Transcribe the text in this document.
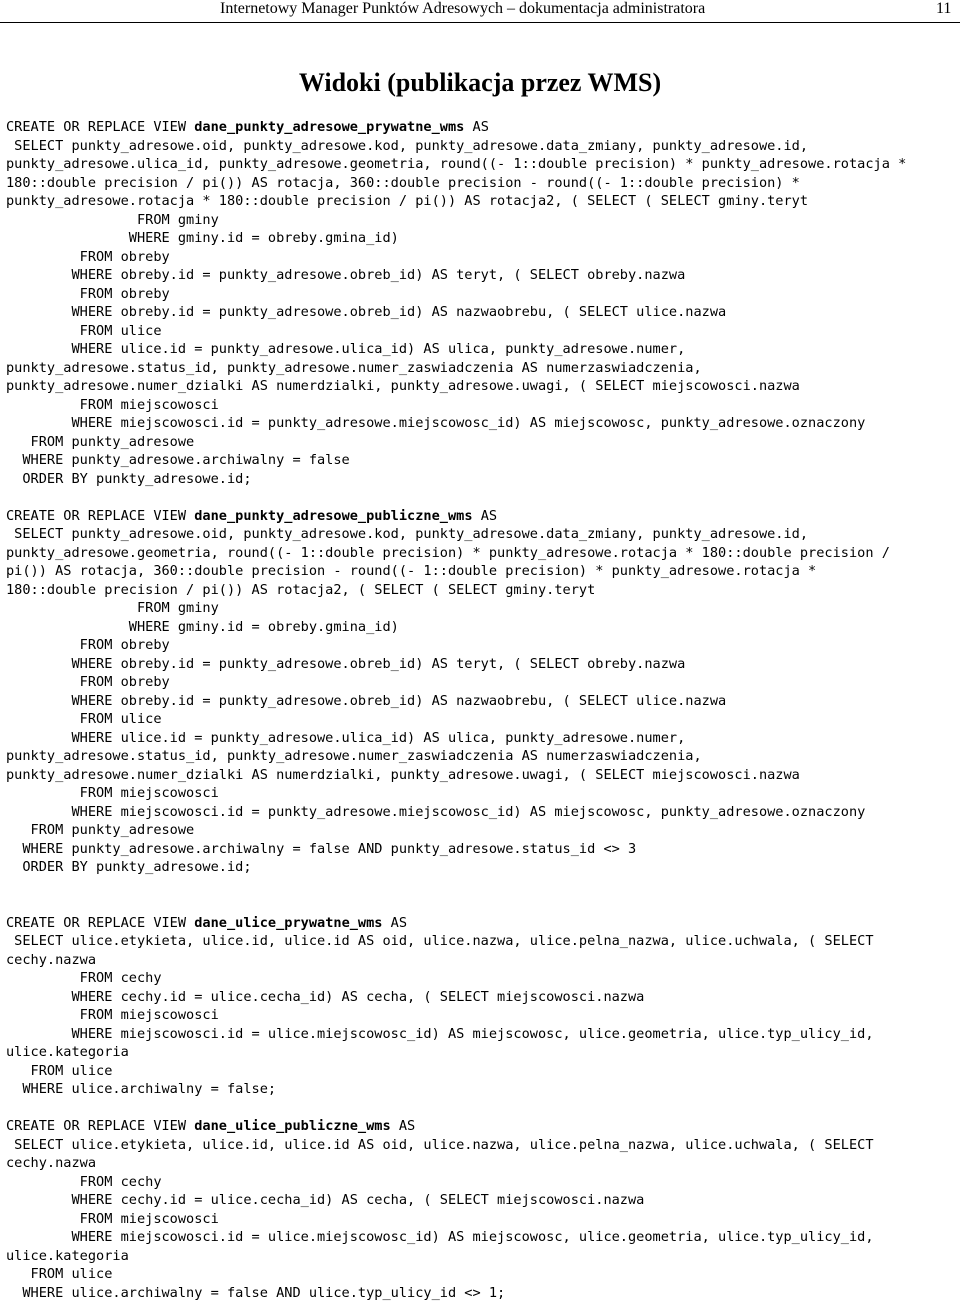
Internetowy Manager Punktów Adresowych – dokumentacja administratora	11
Widoki (publikacja przez WMS)
CREATE OR REPLACE VIEW dane_punkty_adresowe_prywatne_wms AS
SELECT punkty_adresowe.oid, punkty_adresowe.kod, punkty_adresowe.data_zmiany, punkty_adresowe.id,
punkty_adresowe.ulica_id, punkty_adresowe.geometria, round((- 1::double precision) * punkty_adresowe.rotacja *
180::double precision / pi()) AS rotacja, 360::double precision - round((- 1::double precision) *
punkty_adresowe.rotacja * 180::double precision / pi()) AS rotacja2, ( SELECT ( SELECT gminy.teryt
FROM gminy
WHERE gminy.id = obreby.gmina_id)
FROM obreby
WHERE obreby.id = punkty_adresowe.obreb_id) AS teryt, ( SELECT obreby.nazwa
FROM obreby
WHERE obreby.id = punkty_adresowe.obreb_id) AS nazwaobrebu, ( SELECT ulice.nazwa
FROM ulice
WHERE ulice.id = punkty_adresowe.ulica_id) AS ulica, punkty_adresowe.numer,
punkty_adresowe.status_id, punkty_adresowe.numer_zaswiadczenia AS numerzaswiadczenia,
punkty_adresowe.numer_dzialki AS numerdzialki, punkty_adresowe.uwagi, ( SELECT miejscowosci.nazwa
FROM miejscowosci
WHERE miejscowosci.id = punkty_adresowe.miejscowosc_id) AS miejscowosc, punkty_adresowe.oznaczony
FROM punkty_adresowe
WHERE punkty_adresowe.archiwalny = false
ORDER BY punkty_adresowe.id;
CREATE OR REPLACE VIEW dane_punkty_adresowe_publiczne_wms AS
SELECT punkty_adresowe.oid, punkty_adresowe.kod, punkty_adresowe.data_zmiany, punkty_adresowe.id,
punkty_adresowe.geometria, round((- 1::double precision) * punkty_adresowe.rotacja * 180::double precision /
pi()) AS rotacja, 360::double precision - round((- 1::double precision) * punkty_adresowe.rotacja *
180::double precision / pi()) AS rotacja2, ( SELECT ( SELECT gminy.teryt
FROM gminy
WHERE gminy.id = obreby.gmina_id)
FROM obreby
WHERE obreby.id = punkty_adresowe.obreb_id) AS teryt, ( SELECT obreby.nazwa
FROM obreby
WHERE obreby.id = punkty_adresowe.obreb_id) AS nazwaobrebu, ( SELECT ulice.nazwa
FROM ulice
WHERE ulice.id = punkty_adresowe.ulica_id) AS ulica, punkty_adresowe.numer,
punkty_adresowe.status_id, punkty_adresowe.numer_zaswiadczenia AS numerzaswiadczenia,
punkty_adresowe.numer_dzialki AS numerdzialki, punkty_adresowe.uwagi, ( SELECT miejscowosci.nazwa
FROM miejscowosci
WHERE miejscowosci.id = punkty_adresowe.miejscowosc_id) AS miejscowosc, punkty_adresowe.oznaczony
FROM punkty_adresowe
WHERE punkty_adresowe.archiwalny = false AND punkty_adresowe.status_id <> 3
ORDER BY punkty_adresowe.id;
CREATE OR REPLACE VIEW dane_ulice_prywatne_wms AS
SELECT ulice.etykieta, ulice.id, ulice.id AS oid, ulice.nazwa, ulice.pelna_nazwa, ulice.uchwala, ( SELECT
cechy.nazwa
FROM cechy
WHERE cechy.id = ulice.cecha_id) AS cecha, ( SELECT miejscowosci.nazwa
FROM miejscowosci
WHERE miejscowosci.id = ulice.miejscowosc_id) AS miejscowosc, ulice.geometria, ulice.typ_ulicy_id,
ulice.kategoria
FROM ulice
WHERE ulice.archiwalny = false;
CREATE OR REPLACE VIEW dane_ulice_publiczne_wms AS
SELECT ulice.etykieta, ulice.id, ulice.id AS oid, ulice.nazwa, ulice.pelna_nazwa, ulice.uchwala, ( SELECT
cechy.nazwa
FROM cechy
WHERE cechy.id = ulice.cecha_id) AS cecha, ( SELECT miejscowosci.nazwa
FROM miejscowosci
WHERE miejscowosci.id = ulice.miejscowosc_id) AS miejscowosc, ulice.geometria, ulice.typ_ulicy_id,
ulice.kategoria
FROM ulice
WHERE ulice.archiwalny = false AND ulice.typ_ulicy_id <> 1;
